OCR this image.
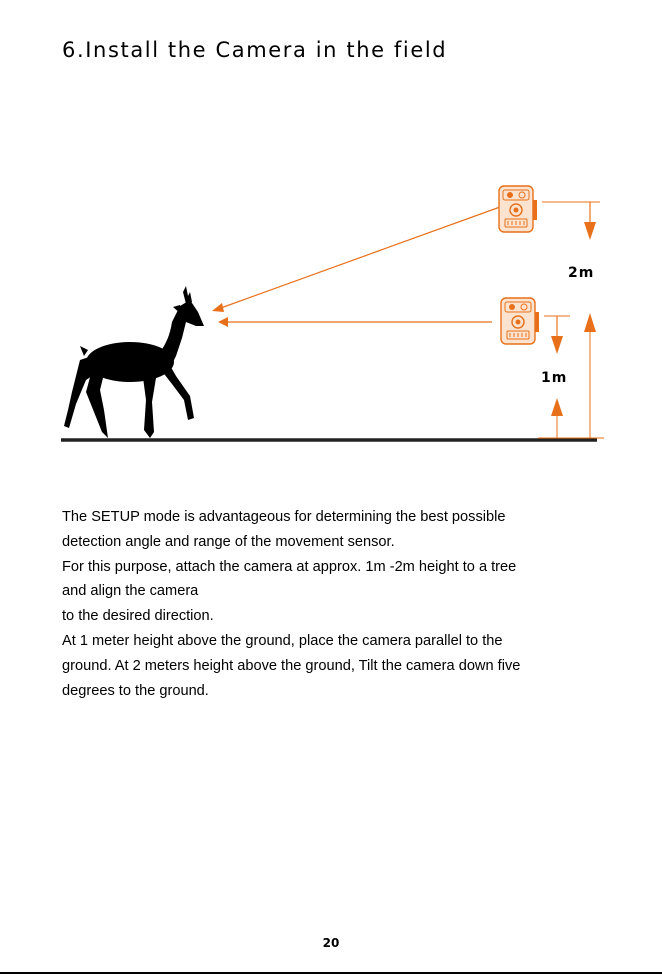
6.Install the Camera in the field
2m
1m

The SETUP mode is advantageous for determining the best possible

detection angle and range of the movement sensor.

For this purpose, attach the camera at approx. 1m -2m height to a tree

and align the camera

to the desired direction.

At 1 meter height above the ground, place the camera parallel to the

ground. At 2 meters height above the ground, Tilt the camera down five

degrees to the ground.

20
